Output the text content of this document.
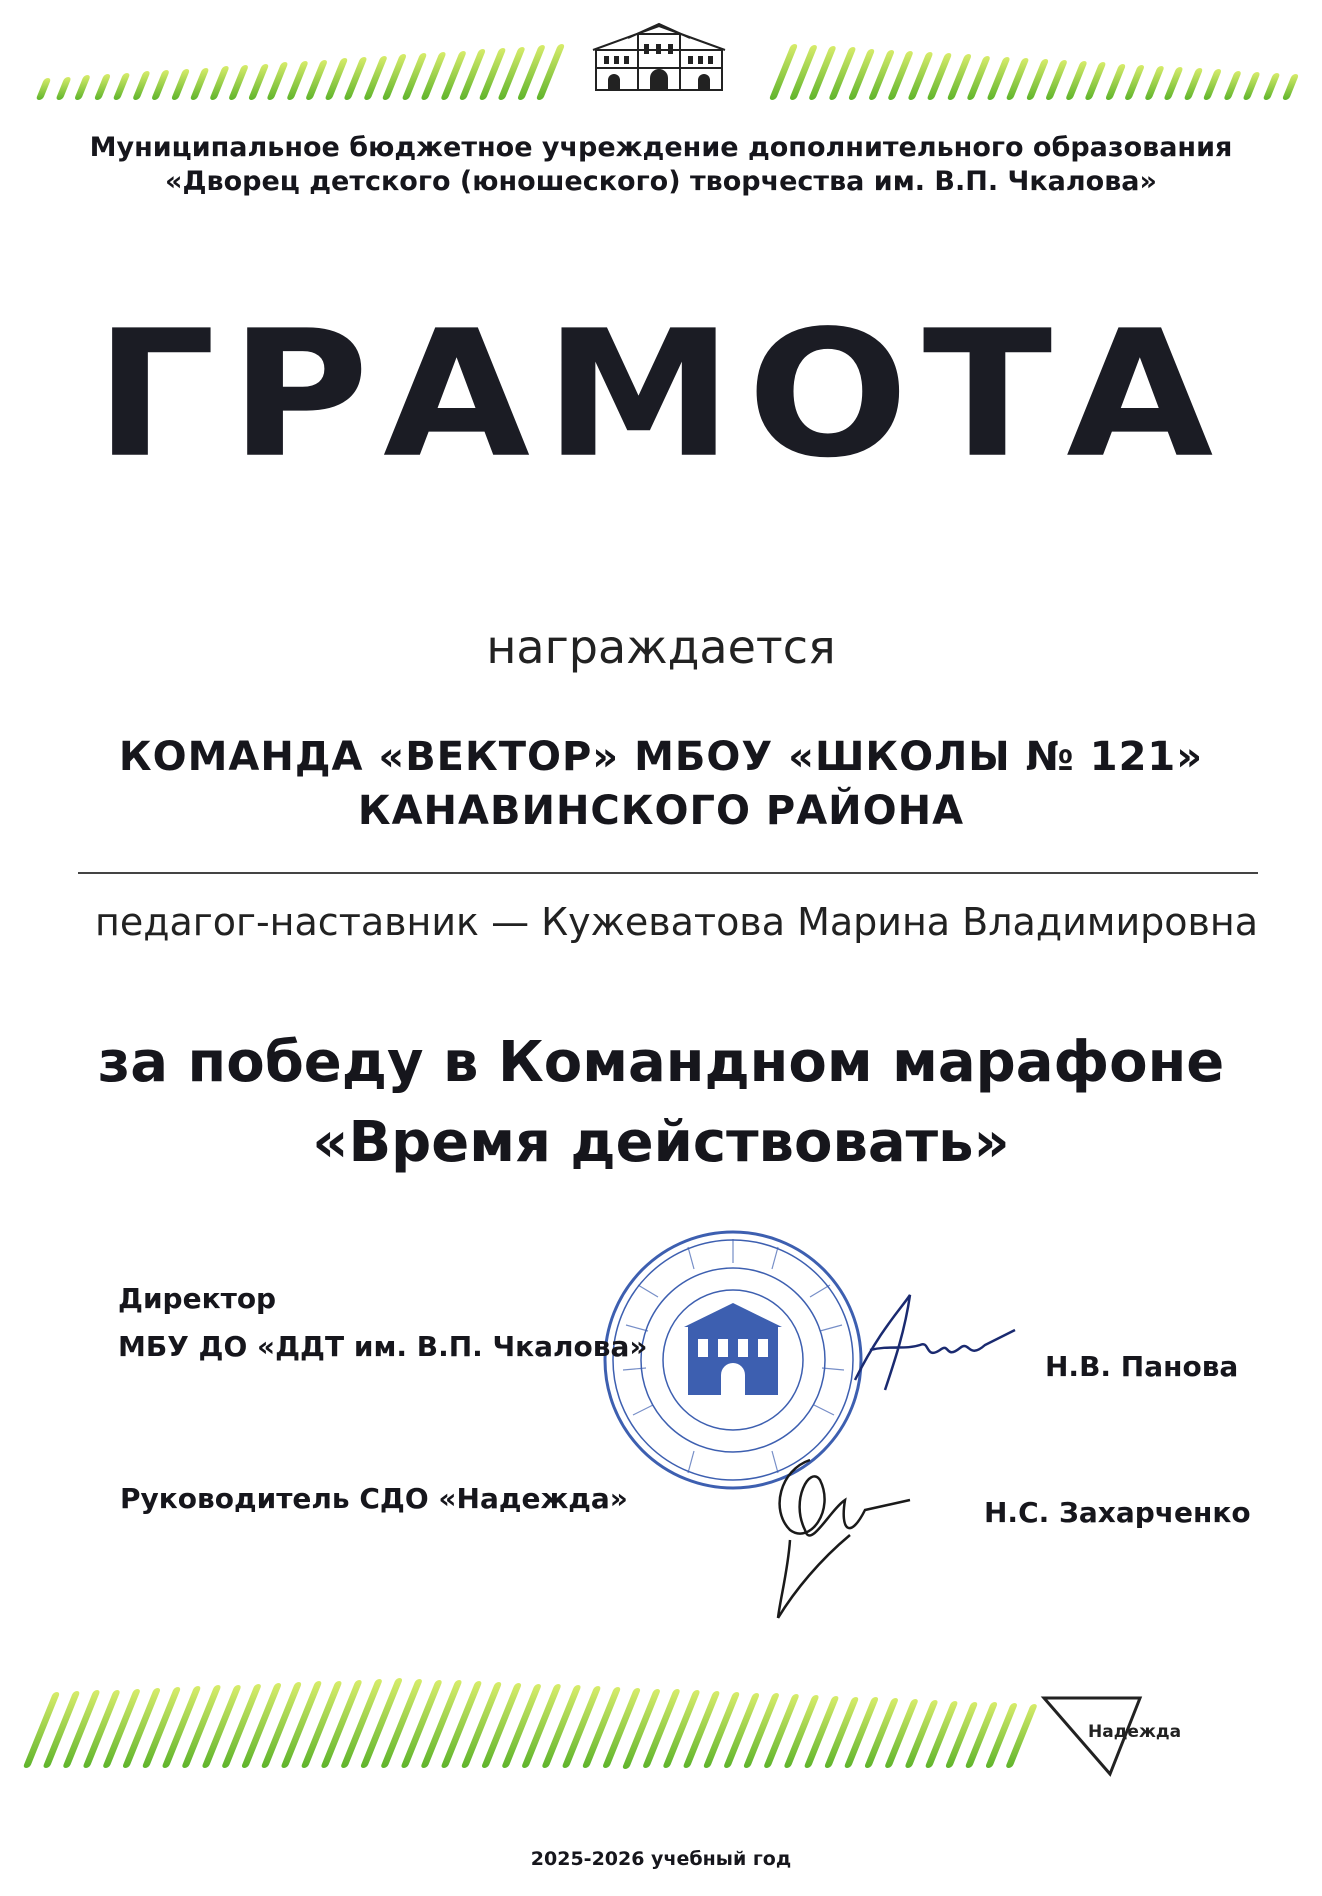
Муниципальное бюджетное учреждение дополнительного образования
«Дворец детского (юношеского) творчества им. В.П. Чкалова»
ГРАМОТА
награждается
КОМАНДА «ВЕКТОР» МБОУ «ШКОЛЫ № 121»
КАНАВИНСКОГО РАЙОНА
педагог-наставник — Кужеватова Марина Владимировна
за победу в Командном марафоне
«Время действовать»
Директор
МБУ ДО «ДДТ им. В.П. Чкалова»
Н.В. Панова
Руководитель СДО «Надежда»	Н.С. Захарченко
Надежда
2025-2026 учебный год
